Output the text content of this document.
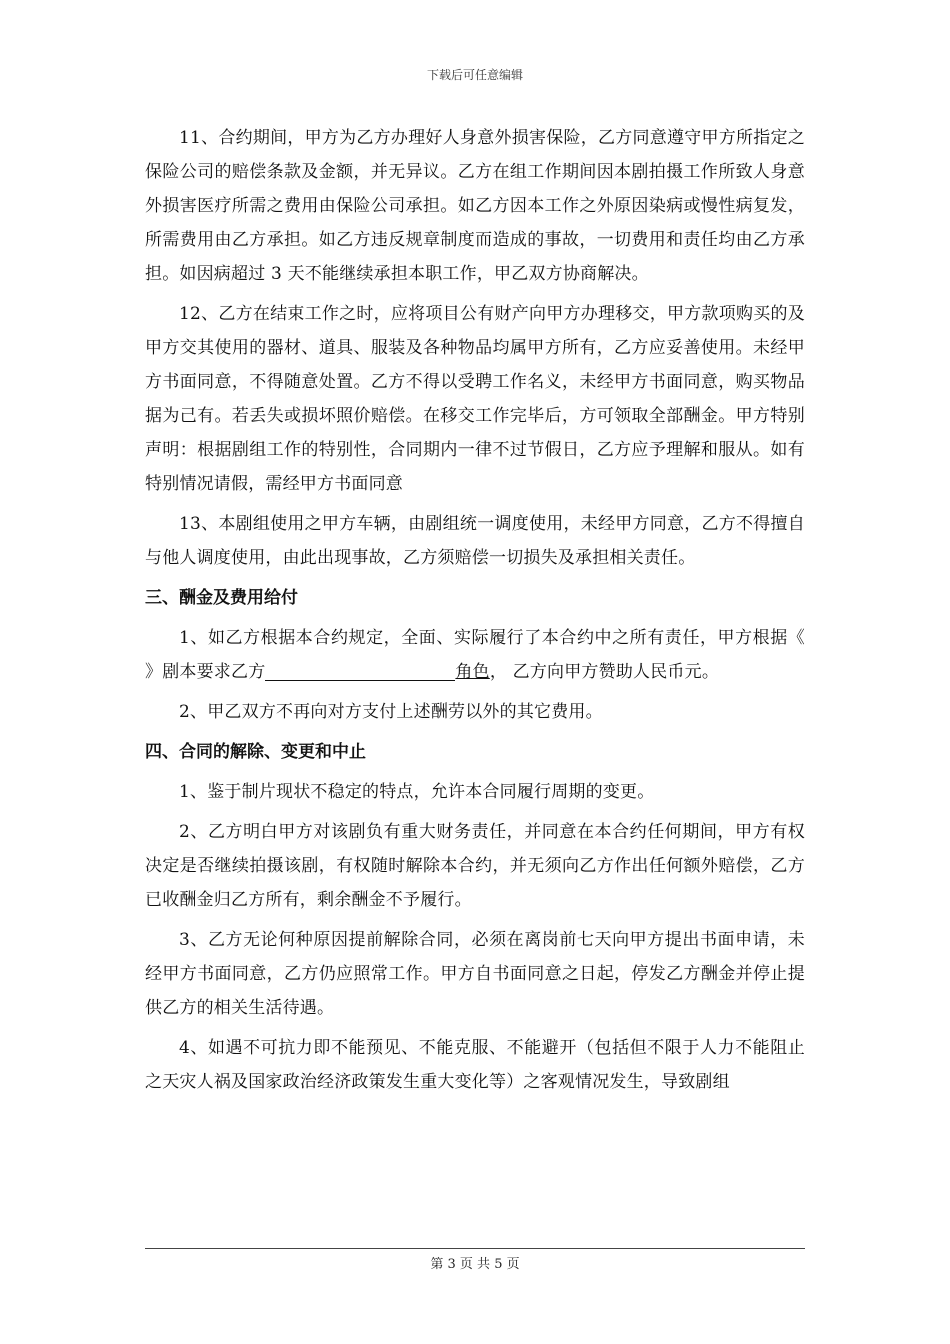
下载后可任意编辑

11、合约期间，甲方为乙方办理好人身意外损害保险，乙方同意遵守甲方所指定之保险公司的赔偿条款及金额，并无异议。乙方在组工作期间因本剧拍摄工作所致人身意外损害医疗所需之费用由保险公司承担。如乙方因本工作之外原因染病或慢性病复发，所需费用由乙方承担。如乙方违反规章制度而造成的事故，一切费用和责任均由乙方承担。如因病超过 3 天不能继续承担本职工作，甲乙双方协商解决。

12、乙方在结束工作之时，应将项目公有财产向甲方办理移交，甲方款项购买的及甲方交其使用的器材、道具、服装及各种物品均属甲方所有，乙方应妥善使用。未经甲方书面同意，不得随意处置。乙方不得以受聘工作名义，未经甲方书面同意，购买物品据为己有。若丢失或损坏照价赔偿。在移交工作完毕后，方可领取全部酬金。甲方特别声明：根据剧组工作的特别性，合同期内一律不过节假日，乙方应予理解和服从。如有特别情况请假，需经甲方书面同意

13、本剧组使用之甲方车辆，由剧组统一调度使用，未经甲方同意，乙方不得擅自与他人调度使用，由此出现事故，乙方须赔偿一切损失及承担相关责任。

三、酬金及费用给付

1、如乙方根据本合约规定，全面、实际履行了本合约中之所有责任，甲方根据《　　》剧本要求乙方	角色， 乙方向甲方赞助人民币元。

2、甲乙双方不再向对方支付上述酬劳以外的其它费用。

四、合同的解除、变更和中止

1、鉴于制片现状不稳定的特点，允许本合同履行周期的变更。

2、乙方明白甲方对该剧负有重大财务责任，并同意在本合约任何期间，甲方有权决定是否继续拍摄该剧，有权随时解除本合约，并无须向乙方作出任何额外赔偿，乙方已收酬金归乙方所有，剩余酬金不予履行。

3、乙方无论何种原因提前解除合同，必须在离岗前七天向甲方提出书面申请，未经甲方书面同意，乙方仍应照常工作。甲方自书面同意之日起，停发乙方酬金并停止提供乙方的相关生活待遇。

4、如遇不可抗力即不能预见、不能克服、不能避开（包括但不限于人力不能阻止之天灾人祸及国家政治经济政策发生重大变化等）之客观情况发生，导致剧组

第 3 页 共 5 页
